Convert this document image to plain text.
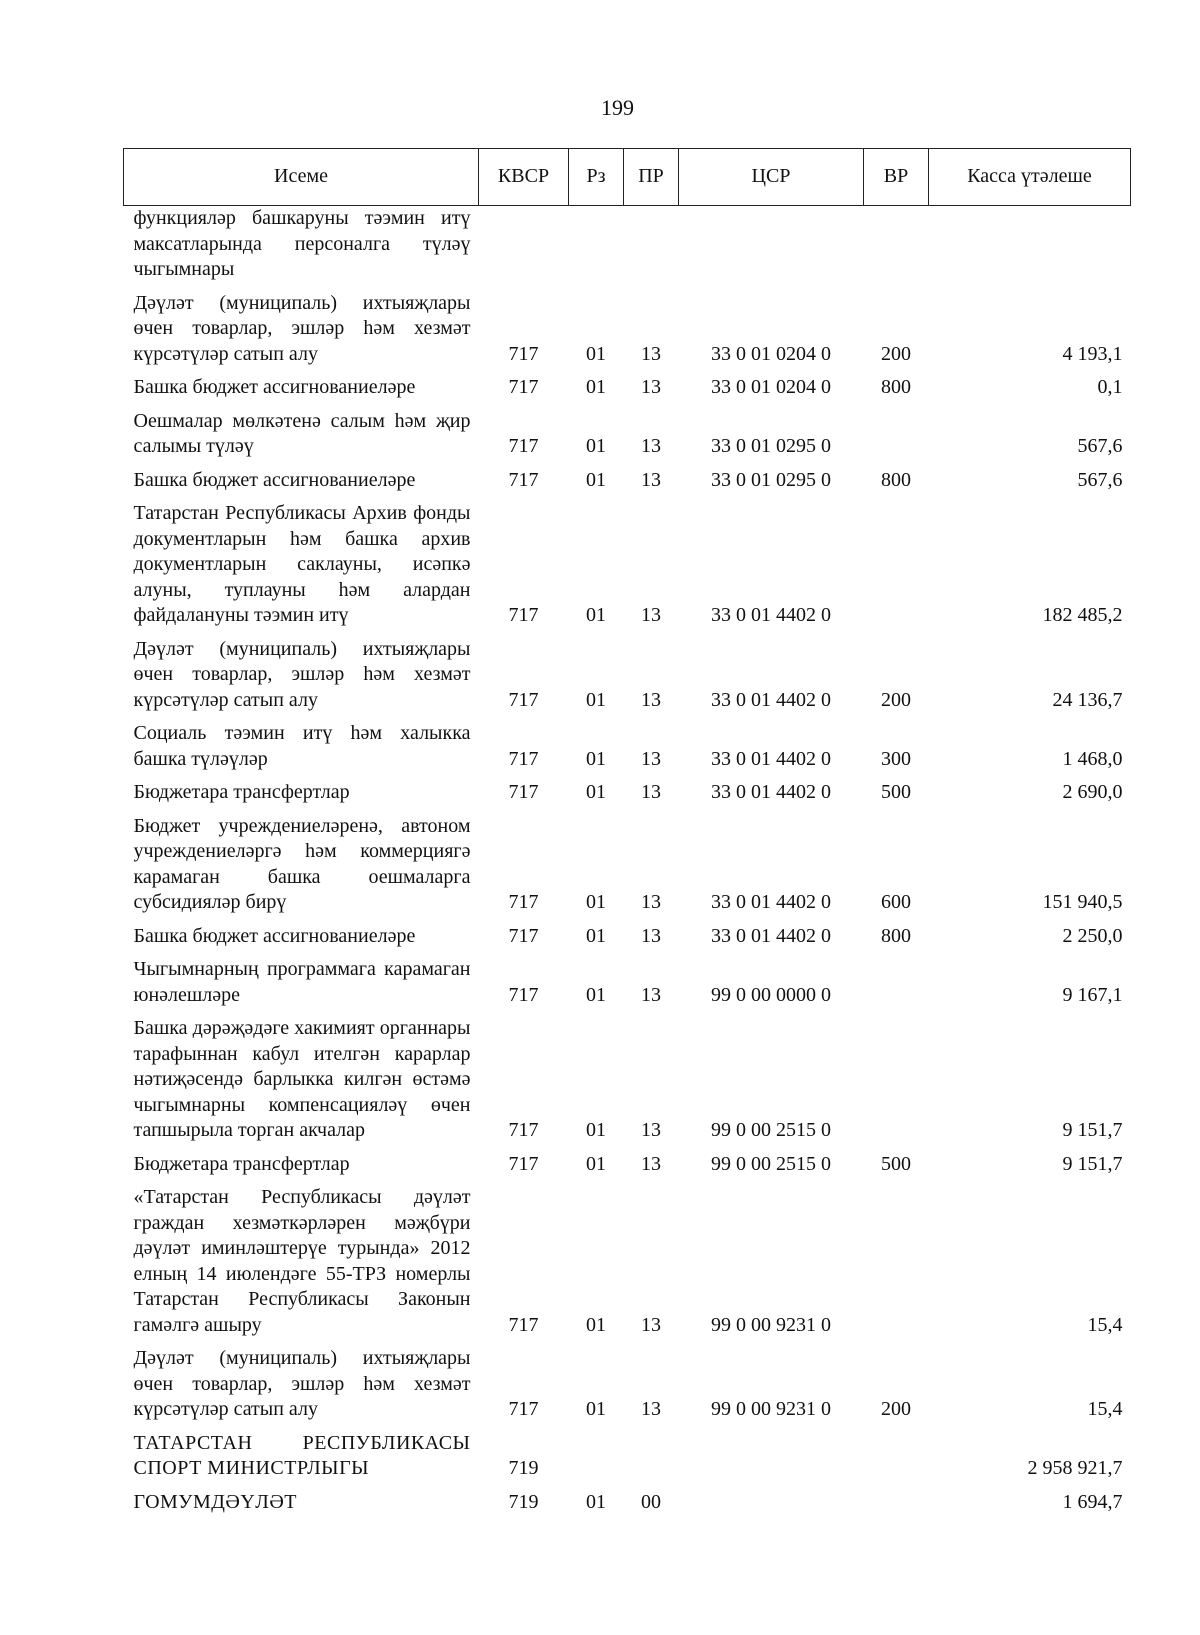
199
Исеме	КВСР	Рз	ПР	ЦСР	ВР	Касса үтәлеше
функцияләр башкаруны тәэмин итү максатларында персоналга түләү чыгымнары						
Дәүләт (муниципаль) ихтыяҗлары өчен товарлар, эшләр һәм хезмәт күрсәтүләр сатып алу	717	01	13	33 0 01 0204 0	200	4 193,1
Башка бюджет ассигнованиеләре	717	01	13	33 0 01 0204 0	800	0,1
Оешмалар мөлкәтенә салым һәм җир салымы түләү	717	01	13	33 0 01 0295 0		567,6
Башка бюджет ассигнованиеләре	717	01	13	33 0 01 0295 0	800	567,6
Татарстан Республикасы Архив фонды документларын һәм башка архив документларын саклауны, исәпкә алуны, туплауны һәм алардан файдалануны тәэмин итү	717	01	13	33 0 01 4402 0		182 485,2
Дәүләт (муниципаль) ихтыяҗлары өчен товарлар, эшләр һәм хезмәт күрсәтүләр сатып алу	717	01	13	33 0 01 4402 0	200	24 136,7
Социаль тәэмин итү һәм халыкка башка түләүләр	717	01	13	33 0 01 4402 0	300	1 468,0
Бюджетара трансфертлар	717	01	13	33 0 01 4402 0	500	2 690,0
Бюджет учреждениеләренә, автоном учреждениеләргә һәм коммерциягә карамаган башка оешмаларга субсидияләр бирү	717	01	13	33 0 01 4402 0	600	151 940,5
Башка бюджет ассигнованиеләре	717	01	13	33 0 01 4402 0	800	2 250,0
Чыгымнарның программага карамаган юнәлешләре	717	01	13	99 0 00 0000 0		9 167,1
Башка дәрәҗәдәге хакимият органнары тарафыннан кабул ителгән карарлар нәтиҗәсендә барлыкка килгән өстәмә чыгымнарны компенсацияләү өчен тапшырыла торган акчалар	717	01	13	99 0 00 2515 0		9 151,7
Бюджетара трансфертлар	717	01	13	99 0 00 2515 0	500	9 151,7
«Татарстан Республикасы дәүләт граждан хезмәткәрләрен мәҗбүри дәүләт иминләштерүе турында» 2012 елның 14 июлендәге 55-ТРЗ номерлы Татарстан Республикасы Законын гамәлгә ашыру	717	01	13	99 0 00 9231 0		15,4
Дәүләт (муниципаль) ихтыяҗлары өчен товарлар, эшләр һәм хезмәт күрсәтүләр сатып алу	717	01	13	99 0 00 9231 0	200	15,4
ТАТАРСТАН РЕСПУБЛИКАСЫ СПОРТ МИНИСТРЛЫГЫ	719					2 958 921,7
ГОМУМДӘҮЛӘТ	719	01	00			1 694,7
